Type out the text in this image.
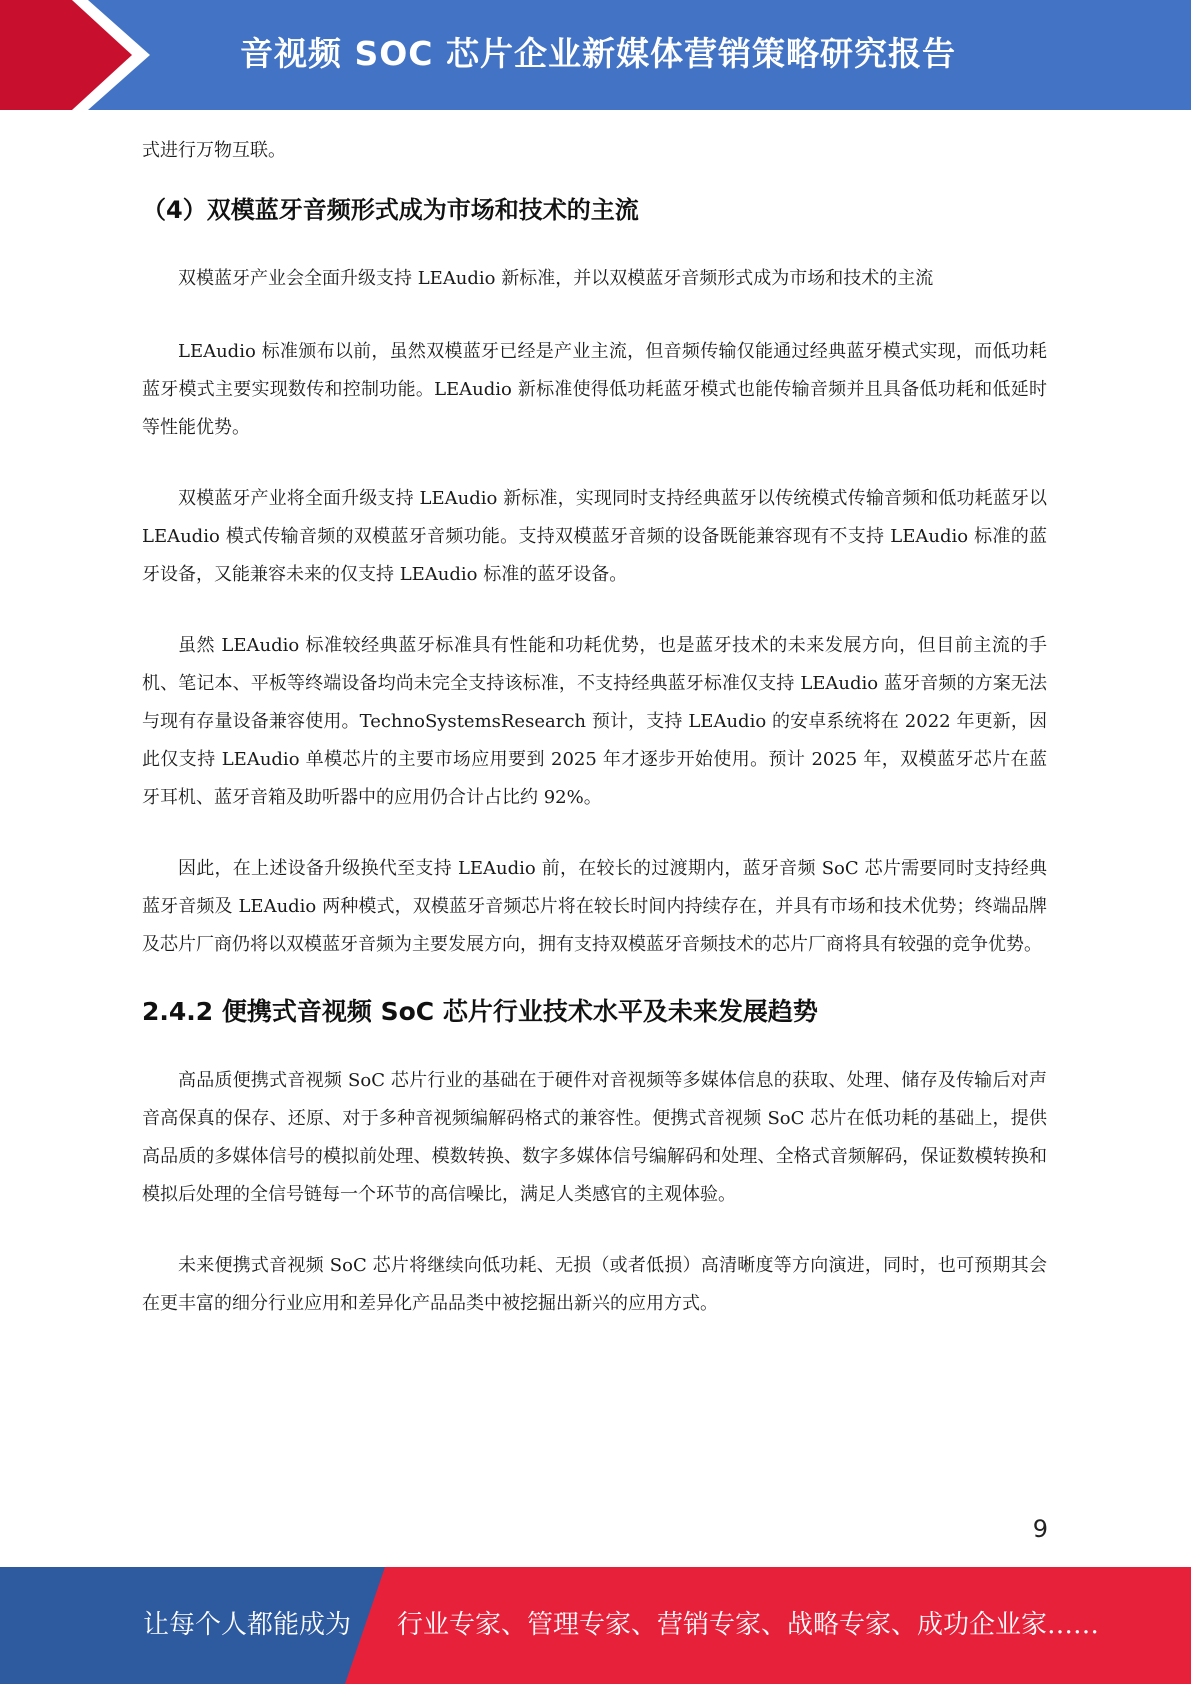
音视频 SOC 芯片企业新媒体营销策略研究报告

式进行万物互联。

（4）双模蓝牙音频形式成为市场和技术的主流

双模蓝牙产业会全面升级支持 LEAudio 新标准，并以双模蓝牙音频形式成为市场和技术的主流

LEAudio 标准颁布以前，虽然双模蓝牙已经是产业主流，但音频传输仅能通过经典蓝牙模式实现，而低功耗蓝牙模式主要实现数传和控制功能。LEAudio 新标准使得低功耗蓝牙模式也能传输音频并且具备低功耗和低延时等性能优势。

双模蓝牙产业将全面升级支持 LEAudio 新标准，实现同时支持经典蓝牙以传统模式传输音频和低功耗蓝牙以 LEAudio 模式传输音频的双模蓝牙音频功能。支持双模蓝牙音频的设备既能兼容现有不支持 LEAudio 标准的蓝牙设备，又能兼容未来的仅支持 LEAudio 标准的蓝牙设备。

虽然 LEAudio 标准较经典蓝牙标准具有性能和功耗优势，也是蓝牙技术的未来发展方向，但目前主流的手机、笔记本、平板等终端设备均尚未完全支持该标准，不支持经典蓝牙标准仅支持 LEAudio 蓝牙音频的方案无法与现有存量设备兼容使用。TechnoSystemsResearch 预计，支持 LEAudio 的安卓系统将在 2022 年更新，因此仅支持 LEAudio 单模芯片的主要市场应用要到 2025 年才逐步开始使用。预计 2025 年，双模蓝牙芯片在蓝牙耳机、蓝牙音箱及助听器中的应用仍合计占比约 92%。

因此，在上述设备升级换代至支持 LEAudio 前，在较长的过渡期内，蓝牙音频 SoC 芯片需要同时支持经典蓝牙音频及 LEAudio 两种模式，双模蓝牙音频芯片将在较长时间内持续存在，并具有市场和技术优势；终端品牌及芯片厂商仍将以双模蓝牙音频为主要发展方向，拥有支持双模蓝牙音频技术的芯片厂商将具有较强的竞争优势。

2.4.2 便携式音视频 SoC 芯片行业技术水平及未来发展趋势

高品质便携式音视频 SoC 芯片行业的基础在于硬件对音视频等多媒体信息的获取、处理、储存及传输后对声音高保真的保存、还原、对于多种音视频编解码格式的兼容性。便携式音视频 SoC 芯片在低功耗的基础上，提供高品质的多媒体信号的模拟前处理、模数转换、数字多媒体信号编解码和处理、全格式音频解码，保证数模转换和模拟后处理的全信号链每一个环节的高信噪比，满足人类感官的主观体验。

未来便携式音视频 SoC 芯片将继续向低功耗、无损（或者低损）高清晰度等方向演进，同时，也可预期其会在更丰富的细分行业应用和差异化产品品类中被挖掘出新兴的应用方式。

9
让每个人都能成为 行业专家、管理专家、营销专家、战略专家、成功企业家……
